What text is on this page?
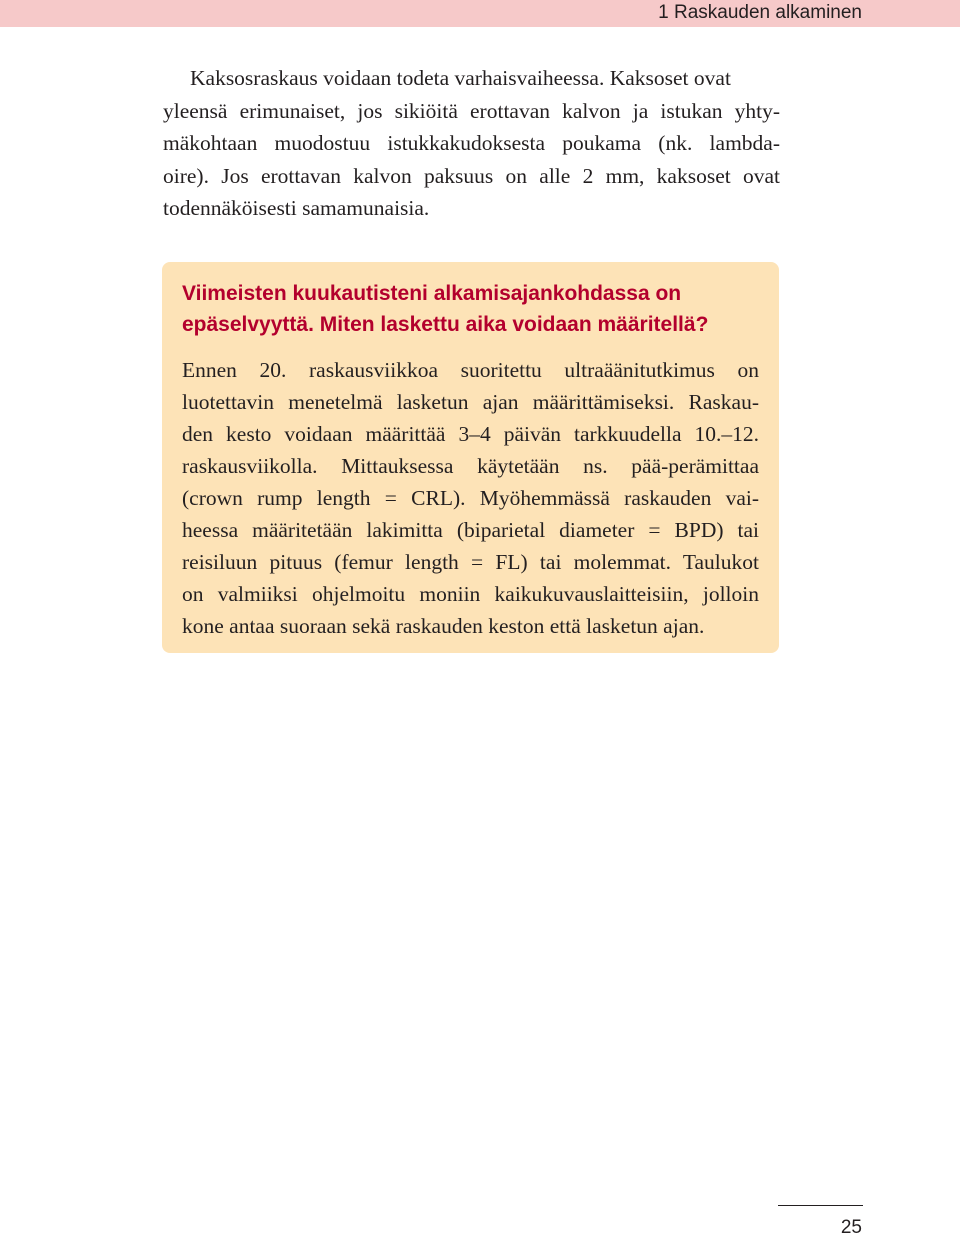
1 Raskauden alkaminen

Kaksosraskaus voidaan todeta varhaisvaiheessa. Kaksoset ovat
yleensä erimunaiset, jos sikiöitä erottavan kalvon ja istukan yhty-
mäkohtaan muodostuu istukkakudoksesta poukama (nk. lambda-
oire). Jos erottavan kalvon paksuus on alle 2 mm, kaksoset ovat
todennäköisesti samamunaisia.

Viimeisten kuukautisteni alkamisajankohdassa on
epäselvyyttä. Miten laskettu aika voidaan määritellä?

Ennen 20. raskausviikkoa suoritettu ultraäänitutkimus on
luotettavin menetelmä lasketun ajan määrittämiseksi. Raskau-
den kesto voidaan määrittää 3–4 päivän tarkkuudella 10.–12.
raskausviikolla. Mittauksessa käytetään ns. pää-perämittaa
(crown rump length = CRL). Myöhemmässä raskauden vai-
heessa määritetään lakimitta (biparietal diameter = BPD) tai
reisiluun pituus (femur length = FL) tai molemmat. Taulukot
on valmiiksi ohjelmoitu moniin kaikukuvauslaitteisiin, jolloin
kone antaa suoraan sekä raskauden keston että lasketun ajan.

25
